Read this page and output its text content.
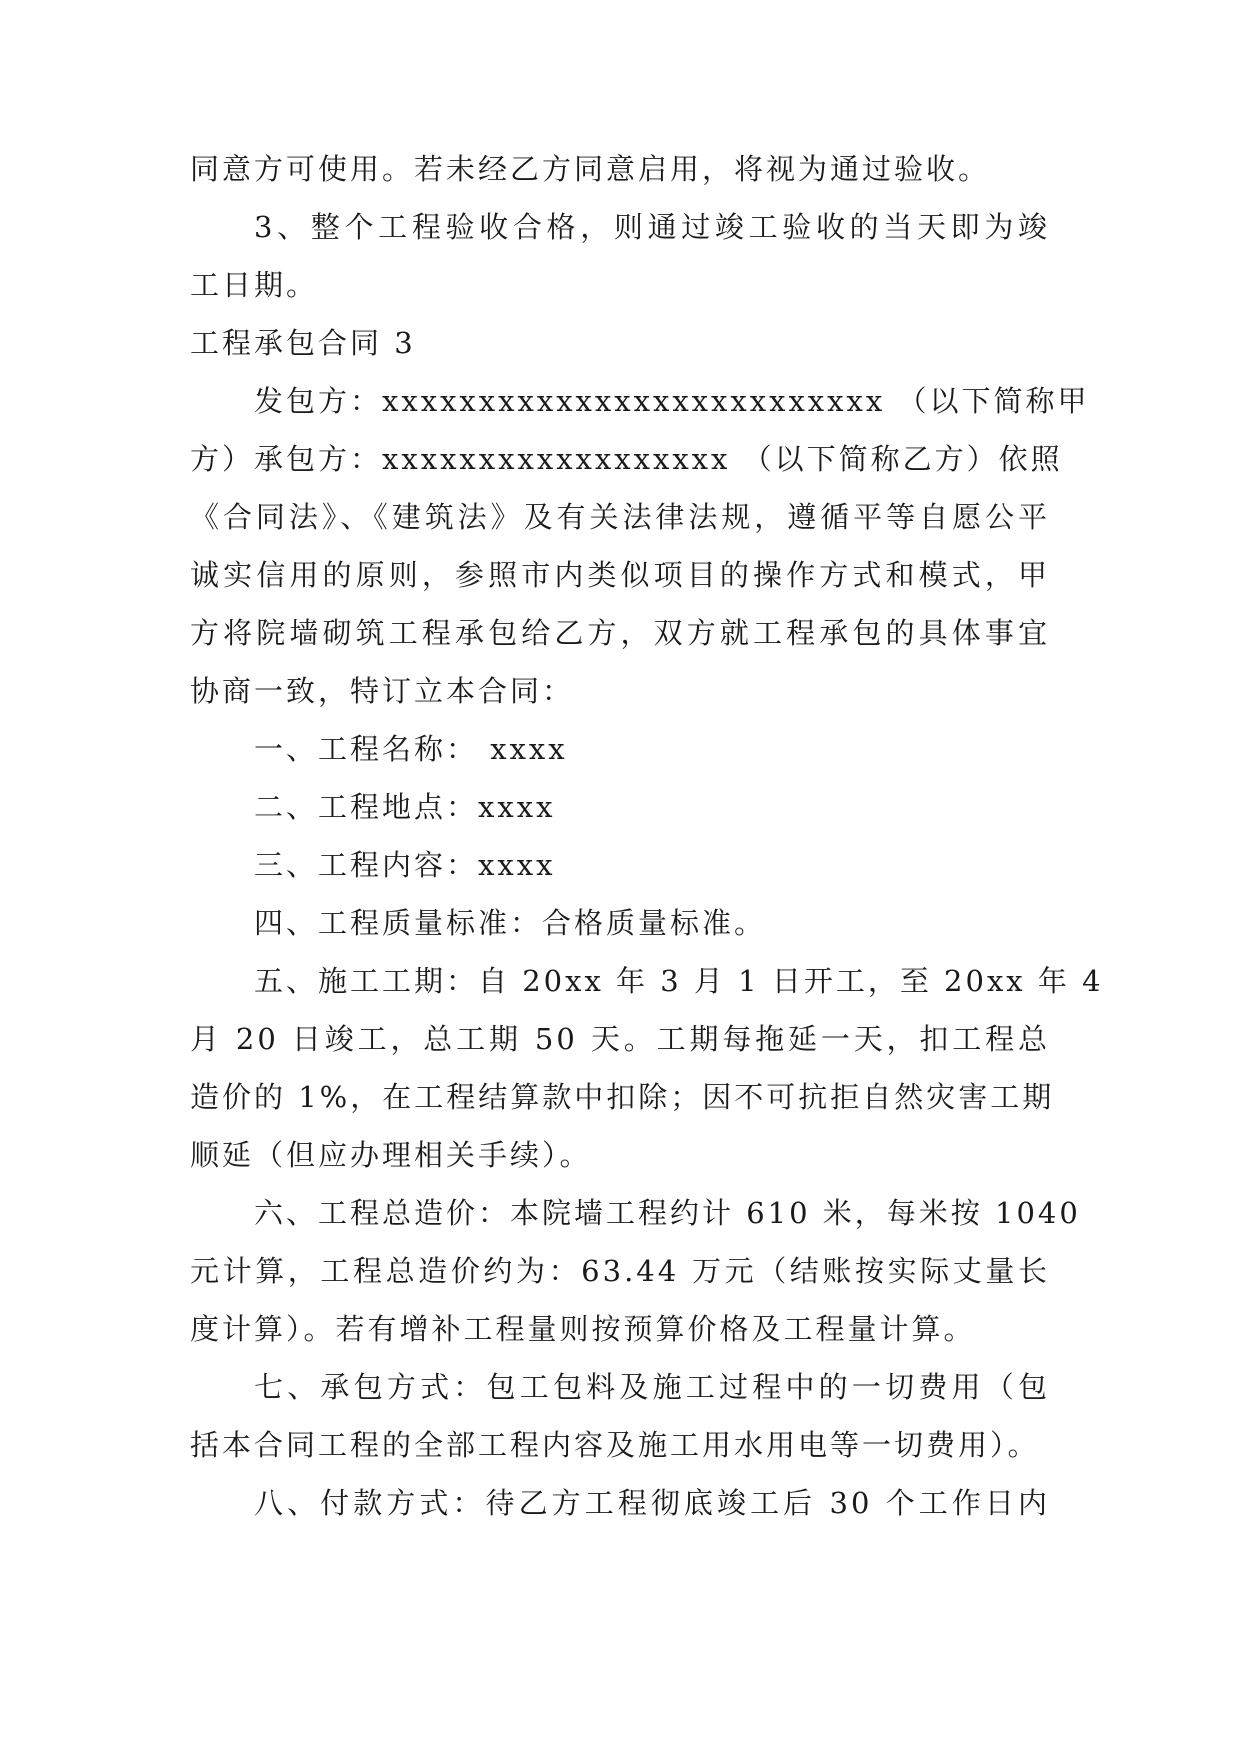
同意方可使用。若未经乙方同意启用，将视为通过验收。
3、整个工程验收合格，则通过竣工验收的当天即为竣
工日期。
工程承包合同 3
发包方：xxxxxxxxxxxxxxxxxxxxxxxxxx （以下简称甲
方）承包方：xxxxxxxxxxxxxxxxxx （以下简称乙方）依照
《合同法》、《建筑法》及有关法律法规，遵循平等自愿公平
诚实信用的原则，参照市内类似项目的操作方式和模式，甲
方将院墙砌筑工程承包给乙方，双方就工程承包的具体事宜
协商一致，特订立本合同：
一、工程名称： xxxx
二、工程地点：xxxx
三、工程内容：xxxx
四、工程质量标准：合格质量标准。
五、施工工期：自 20xx 年 3 月 1 日开工，至 20xx 年 4
月 20 日竣工，总工期 50 天。工期每拖延一天，扣工程总
造价的 1%，在工程结算款中扣除；因不可抗拒自然灾害工期
顺延（但应办理相关手续）。
六、工程总造价：本院墙工程约计 610 米，每米按 1040
元计算，工程总造价约为：63.44 万元（结账按实际丈量长
度计算）。若有增补工程量则按预算价格及工程量计算。
七、承包方式：包工包料及施工过程中的一切费用（包
括本合同工程的全部工程内容及施工用水用电等一切费用）。
八、付款方式：待乙方工程彻底竣工后 30 个工作日内
